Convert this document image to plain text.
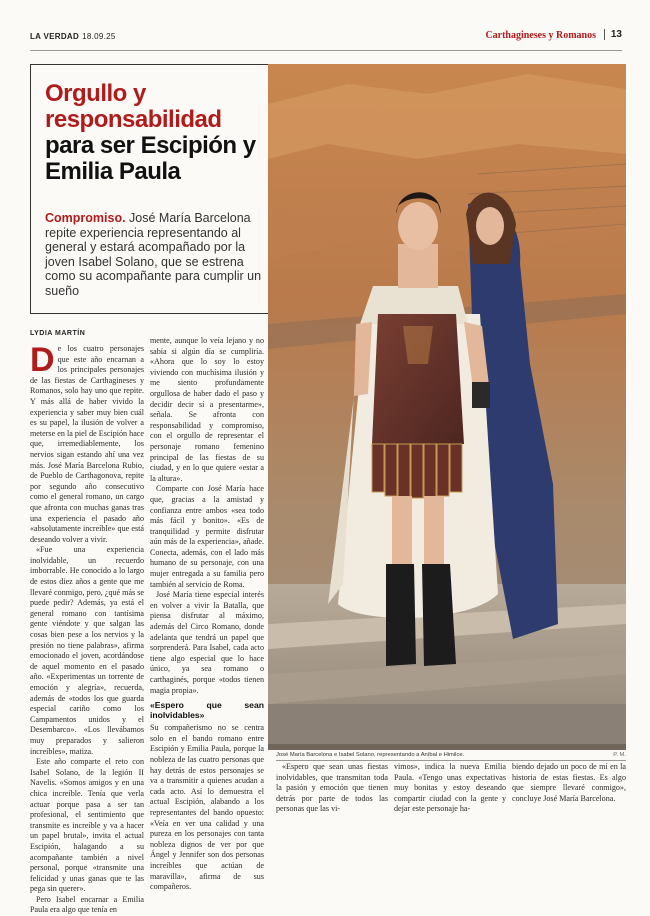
LA VERDAD 18.09.25	Carthagineses y Romanos	13
Orgullo y responsabilidad
para ser Escipión y Emilia Paula
Compromiso. José María Barcelona repite experiencia representando al general y estará acompañado por la joven Isabel Solano, que se estrena como su acompañante para cumplir un sueño
José María Barcelona e Isabel Solano, representando a Aníbal e Himilce.	P. M.
LYDIA MARTÍN

De los cuatro personajes que este año encarnan a los principales personajes de las fiestas de Carthagineses y Romanos, solo hay uno que repite. Y más allá de haber vivido la experiencia y saber muy bien cuál es su papel, la ilusión de volver a meterse en la piel de Escipión hace que, irremediablemente, los nervios sigan estando ahí una vez más. José María Barcelona Rubio, de Pueblo de Carthagonova, repite por segundo año consecutivo como el general romano, un cargo que afronta con muchas ganas tras una experiencia el pasado año «absolutamente increíble» que está deseando volver a vivir.

«Fue una experiencia inolvidable, un recuerdo imborrable. He conocido a lo largo de estos diez años a gente que me llevaré conmigo, pero, ¿qué más se puede pedir? Además, ya está el general romano con tantísima gente viéndote y que salgan las cosas bien pese a los nervios y la presión no tiene palabras», afirma emocionado el joven, acordándose de aquel momento en el pasado año. «Experimentas un torrente de emoción y alegría», recuerda, además de «todos los que guarda especial cariño como los Campamentos unidos y el Desembarco». «Los llevábamos muy preparados y salieron increíbles», matiza.

Este año comparte el reto con Isabel Solano, de la legión II Navelis. «Somos amigos y en una chica increíble. Tenía que verla actuar porque pasa a ser tan profesional, el sentimiento que transmite es increíble y va a hacer un papel brutal», invita el actual Escipión, halagando a su acompañante también a nivel personal, porque «transmite una felicidad y unas ganas que te las pega sin querer».

Pero Isabel encarnar a Emilia Paula era algo que tenía en

mente, aunque lo veía lejano y no sabía si algún día se cumpliría. «Ahora que lo soy lo estoy viviendo con muchísima ilusión y me siento profundamente orgullosa de haber dado el paso y decidir decir sí a presentarme», señala. Se afronta con responsabilidad y compromiso, con el orgullo de representar el personaje romano femenino principal de las fiestas de su ciudad, y en lo que quiere «estar a la altura».

Comparte con José María hace que, gracias a la amistad y confianza entre ambos «sea todo más fácil y bonito». «Es de tranquilidad y permite disfrutar aún más de la experiencia», añade. Conecta, además, con el lado más humano de su personaje, con una mujer entregada a su familia pero también al servicio de Roma.

José María tiene especial interés en volver a vivir la Batalla, que piensa disfrutar al máximo, además del Circo Romano, donde adelanta que tendrá un papel que sorprenderá. Para Isabel, cada acto tiene algo especial que lo hace único, ya sea romano o carthaginés, porque «todos tienen magia propia».

«Espero que sean inolvidables»

Su compañerismo no se centra solo en el bando romano entre Escipión y Emilia Paula, porque la nobleza de las cuatro personas que hay detrás de estos personajes se va a transmitir a quienes acudan a cada acto. Así lo demuestra el actual Escipión, alabando a los representantes del bando opuesto: «Veía en ver una calidad y una pureza en los personajes con tanta nobleza dignos de ver por que Ángel y Jennifer son dos personas increíbles que actúan de maravilla», afirma de sus compañeros.

«Espero que sean unas fiestas inolvidables, que transmitan toda la pasión y emoción que tienen detrás por parte de todos las personas que las vi-

vimos», indica la nueva Emilia Paula. «Tengo unas expectativas muy bonitas y estoy deseando compartir ciudad con la gente y dejar este personaje ha-

biendo dejado un poco de mí en la historia de estas fiestas. Es algo que siempre llevaré conmigo», concluye José María Barcelona.
